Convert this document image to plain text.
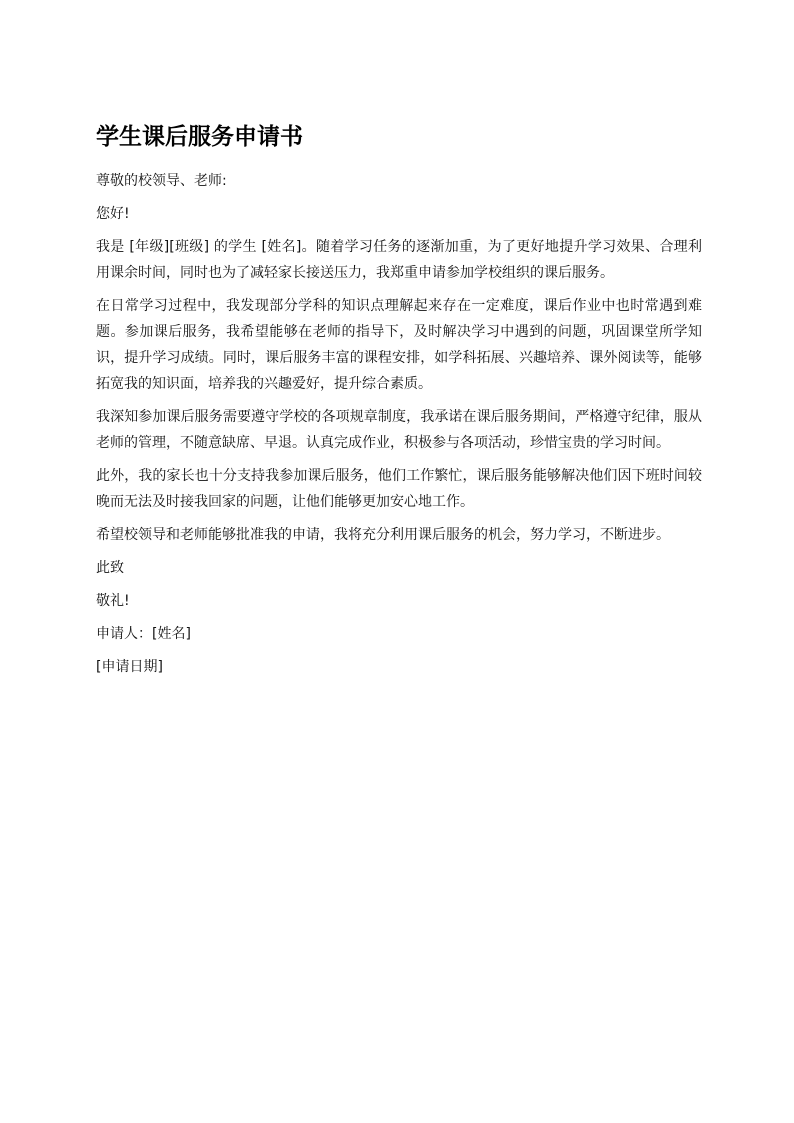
学生课后服务申请书

尊敬的校领导、老师:

您好!

我是 [年级][班级] 的学生 [姓名]。随着学习任务的逐渐加重，为了更好地提升学习效果、合理利用课余时间，同时也为了减轻家长接送压力，我郑重申请参加学校组织的课后服务。

在日常学习过程中，我发现部分学科的知识点理解起来存在一定难度，课后作业中也时常遇到难题。参加课后服务，我希望能够在老师的指导下，及时解决学习中遇到的问题，巩固课堂所学知识，提升学习成绩。同时，课后服务丰富的课程安排，如学科拓展、兴趣培养、课外阅读等，能够拓宽我的知识面，培养我的兴趣爱好，提升综合素质。

我深知参加课后服务需要遵守学校的各项规章制度，我承诺在课后服务期间，严格遵守纪律，服从老师的管理，不随意缺席、早退。认真完成作业，积极参与各项活动，珍惜宝贵的学习时间。

此外，我的家长也十分支持我参加课后服务，他们工作繁忙，课后服务能够解决他们因下班时间较晚而无法及时接我回家的问题，让他们能够更加安心地工作。

希望校领导和老师能够批准我的申请，我将充分利用课后服务的机会，努力学习，不断进步。

此致

敬礼!

申请人：[姓名]

[申请日期]
